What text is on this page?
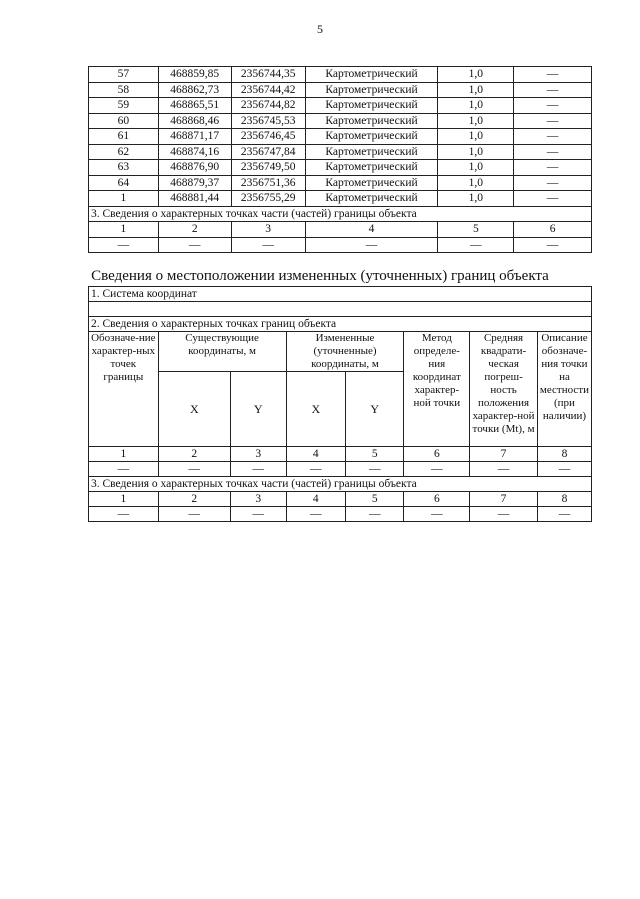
5
57	468859,85	2356744,35	Картометрический	1,0	—
58	468862,73	2356744,42	Картометрический	1,0	—
59	468865,51	2356744,82	Картометрический	1,0	—
60	468868,46	2356745,53	Картометрический	1,0	—
61	468871,17	2356746,45	Картометрический	1,0	—
62	468874,16	2356747,84	Картометрический	1,0	—
63	468876,90	2356749,50	Картометрический	1,0	—
64	468879,37	2356751,36	Картометрический	1,0	—
1	468881,44	2356755,29	Картометрический	1,0	—
3. Сведения о характерных точках части (частей) границы объекта					
1	2	3	4	5	6
—	—	—	—	—	—
Сведения о местоположении измененных (уточненных) границ объекта
1. Система координат							

2. Сведения о характерных точках границ объекта							
Обозначе-ние характер-ных точек границы	Существующие координаты, м		Измененные (уточненные) координаты, м		Метод определе-ния координат характер-ной точки	Средняя квадрати-ческая погреш-ность положения характер-ной точки (Mt), м	Описание обозначе-ния точки на местности (при наличии)
	X	Y	X	Y			
1	2	3	4	5	6	7	8
—	—	—	—	—	—	—	—
3. Сведения о характерных точках части (частей) границы объекта							
1	2	3	4	5	6	7	8
—	—	—	—	—	—	—	—
